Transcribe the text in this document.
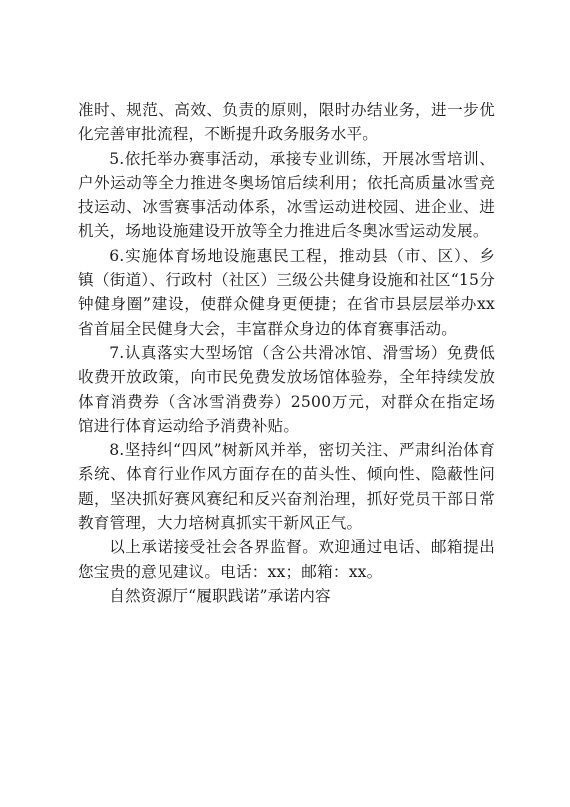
准时、规范、高效、负责的原则，限时办结业务，进一步优化完善审批流程，不断提升政务服务水平。

5.依托举办赛事活动，承接专业训练，开展冰雪培训、户外运动等全力推进冬奥场馆后续利用；依托高质量冰雪竞技运动、冰雪赛事活动体系，冰雪运动进校园、进企业、进机关，场地设施建设开放等全力推进后冬奥冰雪运动发展。

6.实施体育场地设施惠民工程，推动县（市、区）、乡镇（街道）、行政村（社区）三级公共健身设施和社区“15分钟健身圈”建设，使群众健身更便捷；在省市县层层举办xx省首届全民健身大会，丰富群众身边的体育赛事活动。

7.认真落实大型场馆（含公共滑冰馆、滑雪场）免费低收费开放政策，向市民免费发放场馆体验券，全年持续发放体育消费券（含冰雪消费券）2500万元，对群众在指定场馆进行体育运动给予消费补贴。

8.坚持纠“四风”树新风并举，密切关注、严肃纠治体育系统、体育行业作风方面存在的苗头性、倾向性、隐蔽性问题，坚决抓好赛风赛纪和反兴奋剂治理，抓好党员干部日常教育管理，大力培树真抓实干新风正气。

以上承诺接受社会各界监督。欢迎通过电话、邮箱提出您宝贵的意见建议。电话：xx；邮箱：xx。

自然资源厅“履职践诺”承诺内容
